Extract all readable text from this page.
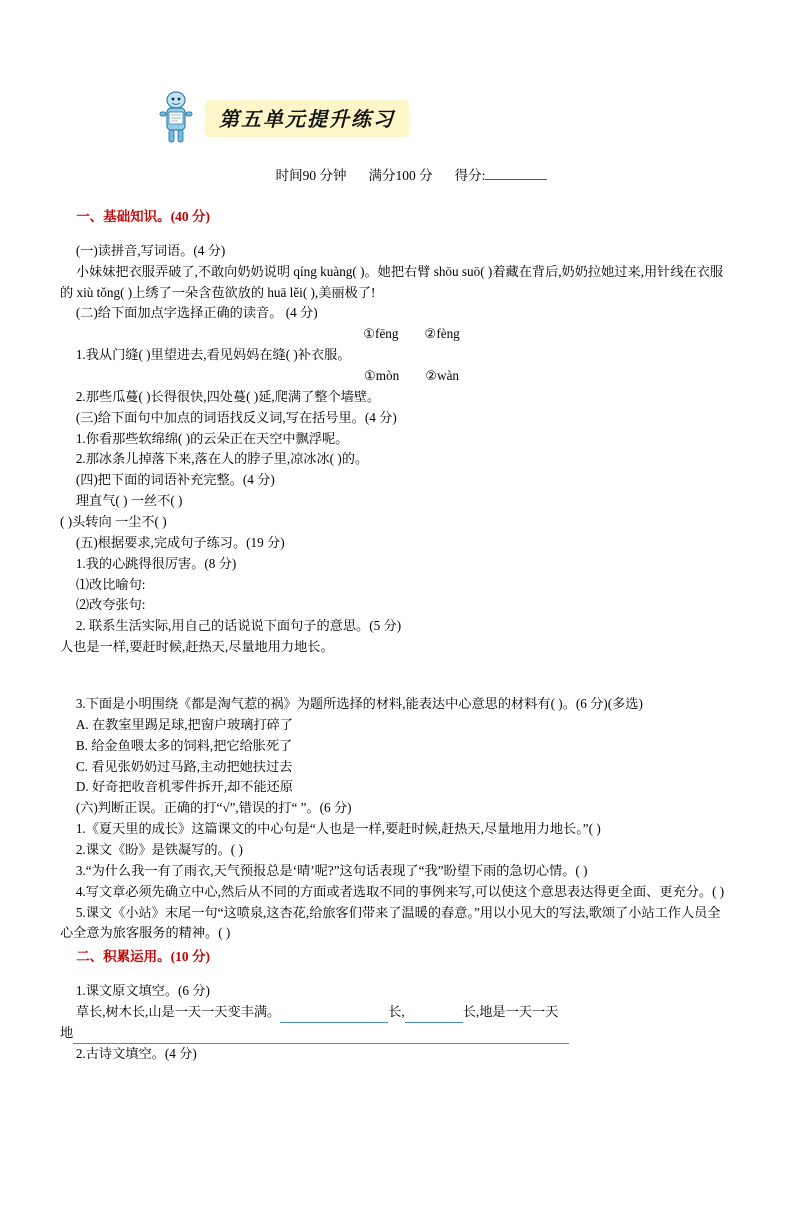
第五单元提升练习
时间90 分钟 满分100 分 得分:

一、基础知识。(40 分)

(一)读拼音,写词语。(4 分)

小妹妹把衣服弄破了,不敢向奶奶说明 qíng kuàng( )。她把右臂 shōu suō( )着藏在背后,奶奶拉她过来,用针线在衣服的 xiù tǒng( )上绣了一朵含苞欲放的 huā lěi( ),美丽极了!

(二)给下面加点字选择正确的读音。 (4 分)

①fēng ②fèng

1.我从门缝( )里望进去,看见妈妈在缝( )补衣服。

①mòn ②wàn

2.那些瓜蔓( )长得很快,四处蔓( )延,爬满了整个墙壁。

(三)给下面句中加点的词语找反义词,写在括号里。(4 分)

1.你看那些软绵绵( )的云朵正在天空中飘浮呢。

2.那冰条儿掉落下来,落在人的脖子里,凉冰冰( )的。

(四)把下面的词语补充完整。(4 分)

理直气( ) 一丝不( )

( )头转向 一尘不( )

(五)根据要求,完成句子练习。(19 分)

1.我的心跳得很厉害。(8 分)

⑴改比喻句:

⑵改夸张句:

2. 联系生活实际,用自己的话说说下面句子的意思。(5 分)

人也是一样,要赶时候,赶热天,尽量地用力地长。

3.下面是小明围绕《都是淘气惹的祸》为题所选择的材料,能表达中心意思的材料有( )。(6 分)(多选)

A. 在教室里踢足球,把窗户玻璃打碎了

B. 给金鱼喂太多的饲料,把它给胀死了

C. 看见张奶奶过马路,主动把她扶过去

D. 好奇把收音机零件拆开,却不能还原

(六)判断正误。正确的打“√”,错误的打“ ”。(6 分)

1.《夏天里的成长》这篇课文的中心句是“人也是一样,要赶时候,赶热天,尽量地用力地长。”( )

2.课文《盼》是铁凝写的。( )

3.“为什么我一有了雨衣,天气预报总是‘晴’呢?”这句话表现了“我”盼望下雨的急切心情。( )

4.写文章必须先确立中心,然后从不同的方面或者选取不同的事例来写,可以使这个意思表达得更全面、更充分。( )

5.课文《小站》末尾一句“这喷泉,这杏花,给旅客们带来了温暖的春意。”用以小见大的写法,歌颂了小站工作人员全心全意为旅客服务的精神。( )

二、积累运用。(10 分)

1.课文原文填空。(6 分)

草长,树木长,山是一天一天变丰满。	长,	长,地是一天一天

地

2.古诗文填空。(4 分)
